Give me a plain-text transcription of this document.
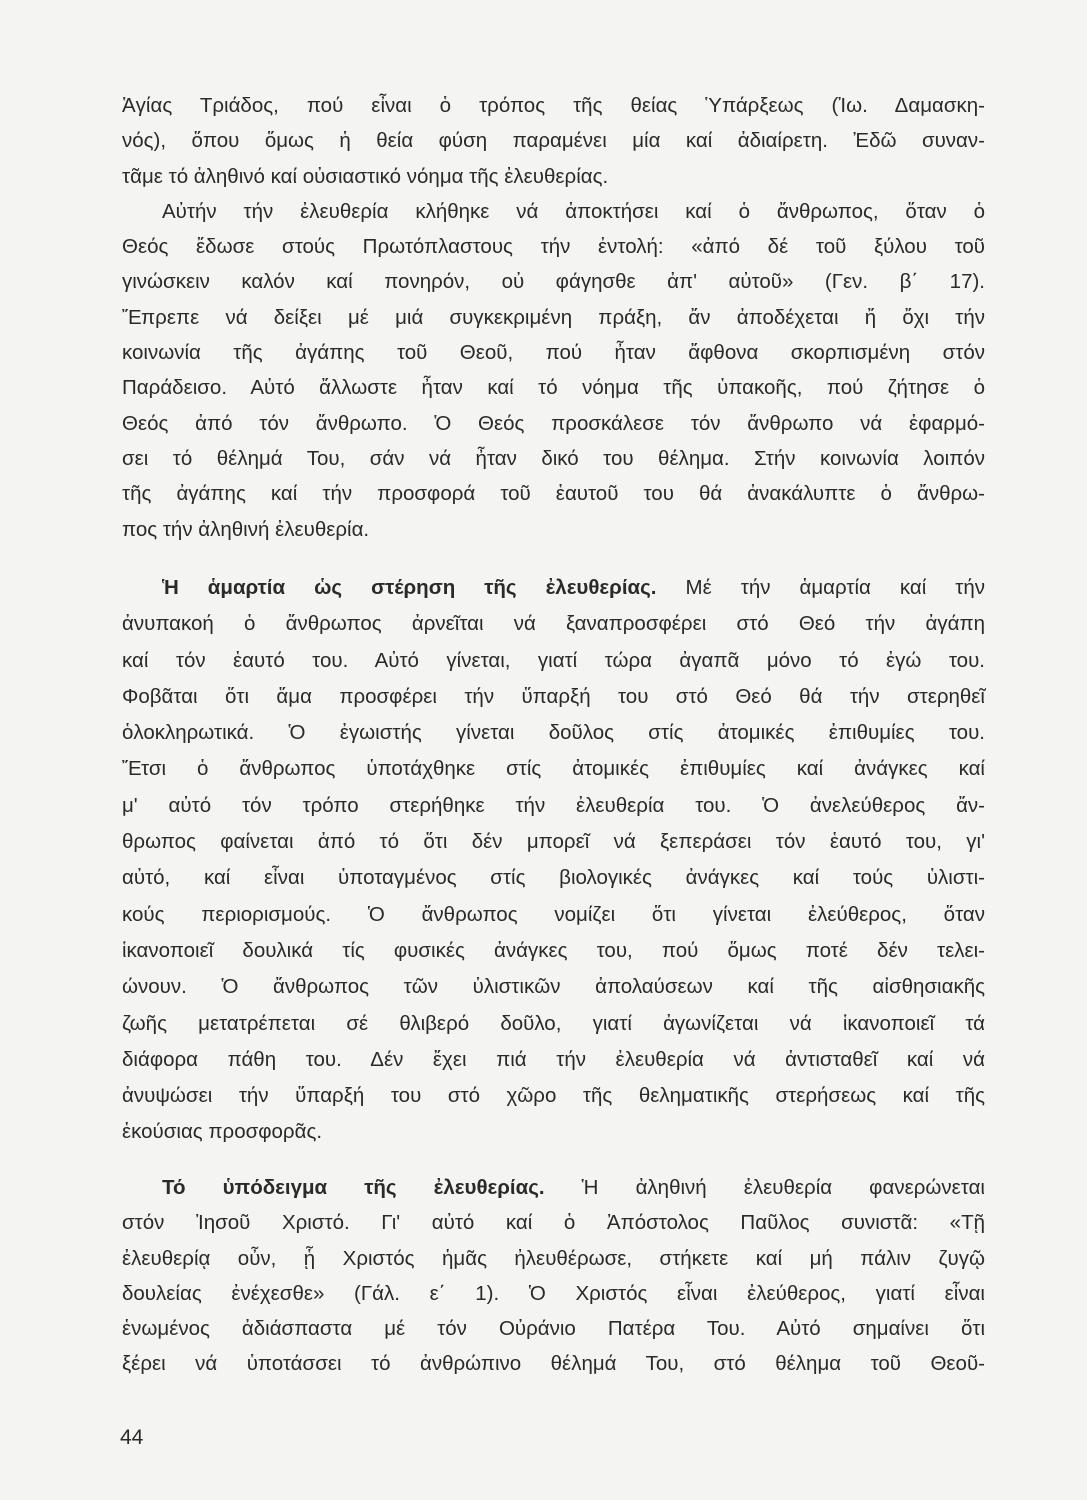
Ἁγίας Τριάδος, πού εἶναι ὁ τρόπος τῆς θείας Ὑπάρξεως (Ἰω. Δαμασκη-
νός), ὅπου ὅμως ἡ θεία φύση παραμένει μία καί ἀδιαίρετη. Ἐδῶ συναν-
τᾶμε τό ἀληθινό καί οὐσιαστικό νόημα τῆς ἐλευθερίας.
Αὐτήν τήν ἐλευθερία κλήθηκε νά ἀποκτήσει καί ὁ ἄνθρωπος, ὅταν ὁ
Θεός ἔδωσε στούς Πρωτόπλαστους τήν ἐντολή: «ἀπό δέ τοῦ ξύλου τοῦ
γινώσκειν καλόν καί πονηρόν, οὐ φάγησθε ἀπ' αὐτοῦ» (Γεν. β΄ 17).
Ἔπρεπε νά δείξει μέ μιά συγκεκριμένη πράξη, ἄν ἀποδέχεται ἤ ὄχι τήν
κοινωνία τῆς ἀγάπης τοῦ Θεοῦ, πού ἦταν ἄφθονα σκορπισμένη στόν
Παράδεισο. Αὐτό ἄλλωστε ἦταν καί τό νόημα τῆς ὑπακοῆς, πού ζήτησε ὁ
Θεός ἀπό τόν ἄνθρωπο. Ὁ Θεός προσκάλεσε τόν ἄνθρωπο νά ἐφαρμό-
σει τό θέλημά Του, σάν νά ἦταν δικό του θέλημα. Στήν κοινωνία λοιπόν
τῆς ἀγάπης καί τήν προσφορά τοῦ ἑαυτοῦ του θά ἀνακάλυπτε ὁ ἄνθρω-
πος τήν ἀληθινή ἐλευθερία.
Ἡ ἁμαρτία ὡς στέρηση τῆς ἐλευθερίας. Μέ τήν ἁμαρτία καί τήν
ἀνυπακοή ὁ ἄνθρωπος ἀρνεῖται νά ξαναπροσφέρει στό Θεό τήν ἀγάπη
καί τόν ἑαυτό του. Αὐτό γίνεται, γιατί τώρα ἀγαπᾶ μόνο τό ἐγώ του.
Φοβᾶται ὅτι ἅμα προσφέρει τήν ὕπαρξή του στό Θεό θά τήν στερηθεῖ
ὁλοκληρωτικά. Ὁ ἐγωιστής γίνεται δοῦλος στίς ἀτομικές ἐπιθυμίες του.
Ἔτσι ὁ ἄνθρωπος ὑποτάχθηκε στίς ἀτομικές ἐπιθυμίες καί ἀνάγκες καί
μ' αὐτό τόν τρόπο στερήθηκε τήν ἐλευθερία του. Ὁ ἀνελεύθερος ἄν-
θρωπος φαίνεται ἀπό τό ὅτι δέν μπορεῖ νά ξεπεράσει τόν ἑαυτό του, γι'
αὐτό, καί εἶναι ὑποταγμένος στίς βιολογικές ἀνάγκες καί τούς ὑλιστι-
κούς περιορισμούς. Ὁ ἄνθρωπος νομίζει ὅτι γίνεται ἐλεύθερος, ὅταν
ἱκανοποιεῖ δουλικά τίς φυσικές ἀνάγκες του, πού ὅμως ποτέ δέν τελει-
ώνουν. Ὁ ἄνθρωπος τῶν ὑλιστικῶν ἀπολαύσεων καί τῆς αἰσθησιακῆς
ζωῆς μετατρέπεται σέ θλιβερό δοῦλο, γιατί ἀγωνίζεται νά ἱκανοποιεῖ τά
διάφορα πάθη του. Δέν ἔχει πιά τήν ἐλευθερία νά ἀντισταθεῖ καί νά
ἀνυψώσει τήν ὕπαρξή του στό χῶρο τῆς θεληματικῆς στερήσεως καί τῆς
ἑκούσιας προσφορᾶς.
Τό ὑπόδειγμα τῆς ἐλευθερίας. Ἡ ἀληθινή ἐλευθερία φανερώνεται
στόν Ἰησοῦ Χριστό. Γι' αὐτό καί ὁ Ἀπόστολος Παῦλος συνιστᾶ: «Τῇ
ἐλευθερίᾳ οὖν, ᾗ Χριστός ἡμᾶς ἠλευθέρωσε, στήκετε καί μή πάλιν ζυγῷ
δουλείας ἐνέχεσθε» (Γάλ. ε΄ 1). Ὁ Χριστός εἶναι ἐλεύθερος, γιατί εἶναι
ἑνωμένος ἀδιάσπαστα μέ τόν Οὐράνιο Πατέρα Του. Αὐτό σημαίνει ὅτι
ξέρει νά ὑποτάσσει τό ἀνθρώπινο θέλημά Του, στό θέλημα τοῦ Θεοῦ-
44
